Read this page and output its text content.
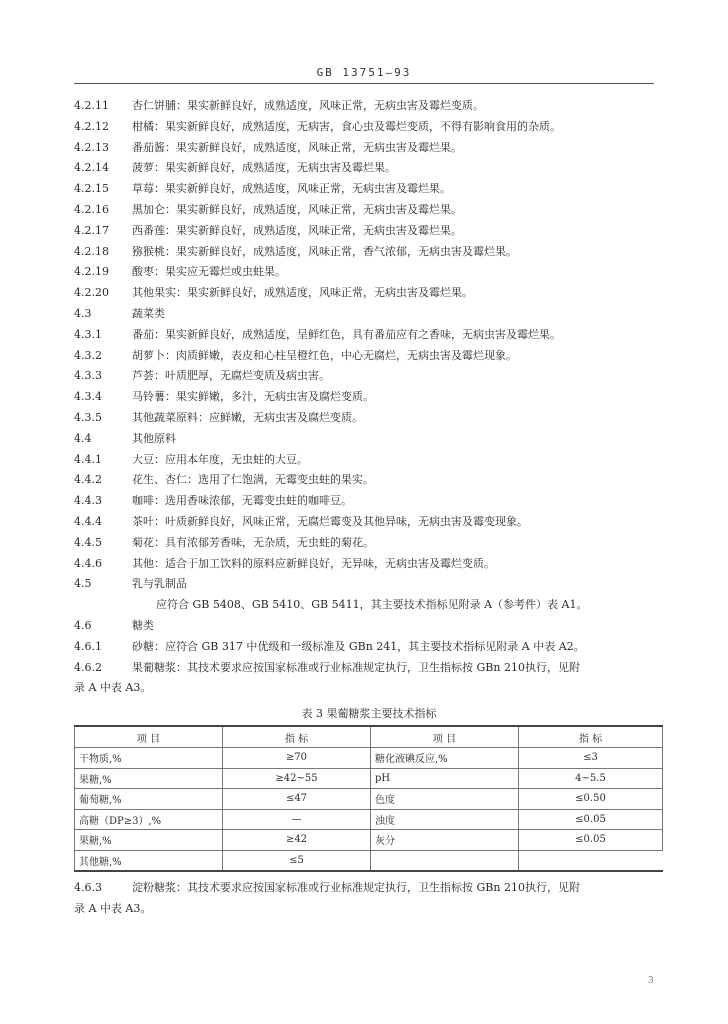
GB 13751—93
4.2.11	杏仁饼脯：果实新鲜良好，成熟适度，风味正常，无病虫害及霉烂变质。
4.2.12	柑橘：果实新鲜良好，成熟适度，无病害，食心虫及霉烂变质，不得有影响食用的杂质。
4.2.13	番茄酱：果实新鲜良好，成熟适度，风味正常，无病虫害及霉烂果。
4.2.14	菠萝：果实新鲜良好，成熟适度，无病虫害及霉烂果。
4.2.15	草莓：果实新鲜良好，成熟适度，风味正常，无病虫害及霉烂果。
4.2.16	黑加仑：果实新鲜良好，成熟适度，风味正常，无病虫害及霉烂果。
4.2.17	西番莲：果实新鲜良好，成熟适度，风味正常，无病虫害及霉烂果。
4.2.18	猕猴桃：果实新鲜良好，成熟适度，风味正常，香气浓郁，无病虫害及霉烂果。
4.2.19	酸枣：果实应无霉烂或虫蛀果。
4.2.20	其他果实：果实新鲜良好，成熟适度，风味正常，无病虫害及霉烂果。
4.3	蔬菜类
4.3.1	番茄：果实新鲜良好，成熟适度，呈鲜红色，具有番茄应有之香味，无病虫害及霉烂果。
4.3.2	胡萝卜：肉质鲜嫩，表皮和心柱呈橙红色，中心无腐烂，无病虫害及霉烂现象。
4.3.3	芦荟：叶质肥厚，无腐烂变质及病虫害。
4.3.4	马铃薯：果实鲜嫩，多汁，无病虫害及腐烂变质。
4.3.5	其他蔬菜原料：应鲜嫩，无病虫害及腐烂变质。
4.4	其他原料
4.4.1	大豆：应用本年度，无虫蛀的大豆。
4.4.2	花生、杏仁：选用了仁饱满，无霉变虫蛀的果实。
4.4.3	咖啡：选用香味浓郁，无霉变虫蛀的咖啡豆。
4.4.4	茶叶：叶质新鲜良好，风味正常，无腐烂霉变及其他异味，无病虫害及霉变现象。
4.4.5	菊花：具有浓郁芳香味，无杂质，无虫蛀的菊花。
4.4.6	其他：适合于加工饮料的原料应新鲜良好，无异味，无病虫害及霉烂变质。
4.5	乳与乳制品
应符合 GB 5408、GB 5410、GB 5411，其主要技术指标见附录 A（参考件）表 A1。
4.6	糖类
4.6.1	砂糖：应符合 GB 317 中优级和一级标准及 GBn 241，其主要技术指标见附录 A 中表 A2。
4.6.2	果葡糖浆：其技术要求应按国家标准或行业标准规定执行，卫生指标按 GBn 210执行，见附
录 A 中表 A3。
表 3 果葡糖浆主要技术指标
项 目	指 标	项 目	指 标
干物质,%	≥70	糖化液碘反应,%	≤3
果糖,%	≥42~55	pH	4~5.5
葡萄糖,%	≤47	色度	≤0.50
高糖（DP≥3）,%	—	浊度	≤0.05
果糖,%	≥42	灰分	≤0.05
其他糖,%	≤5		
4.6.3	淀粉糖浆：其技术要求应按国家标准或行业标准规定执行，卫生指标按 GBn 210执行，见附
录 A 中表 A3。
3
